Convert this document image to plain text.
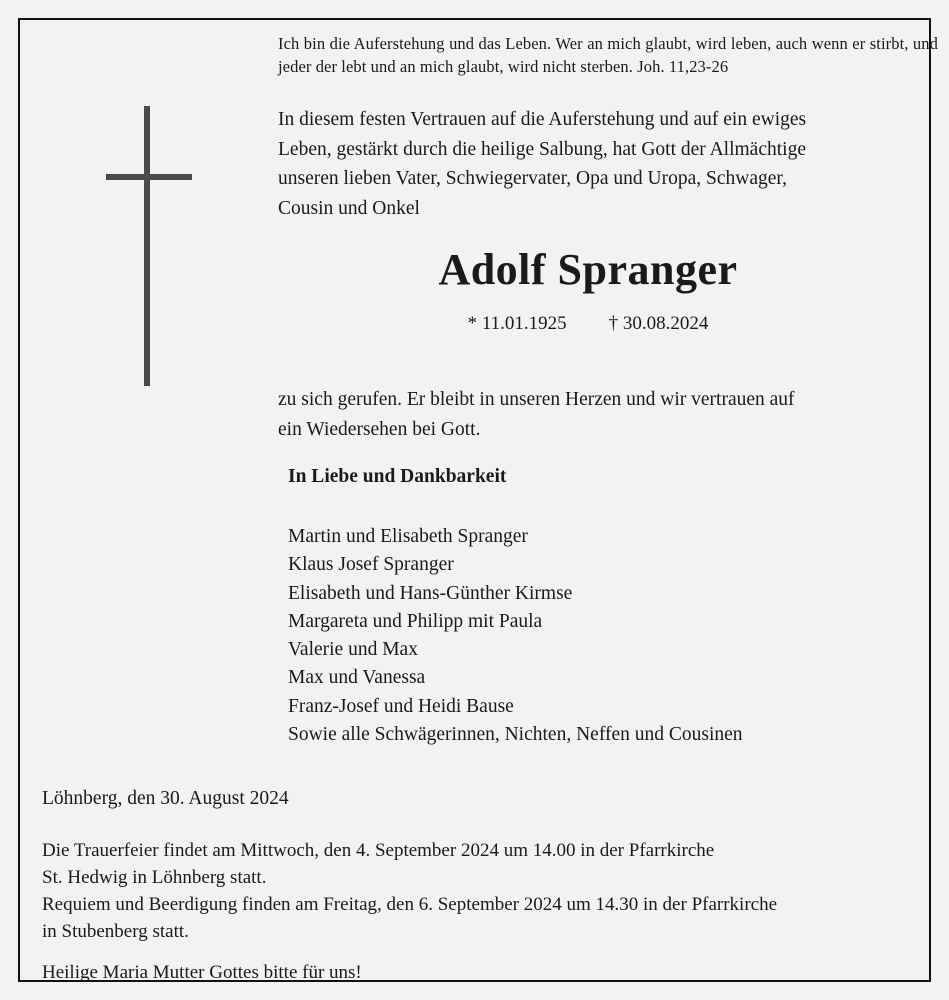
Ich bin die Auferstehung und das Leben. Wer an mich glaubt, wird leben, auch wenn er stirbt, und jeder der lebt und an mich glaubt, wird nicht sterben. Joh. 11,23-26
In diesem festen Vertrauen auf die Auferstehung und auf ein ewiges
Leben, gestärkt durch die heilige Salbung, hat Gott der Allmächtige
unseren lieben Vater, Schwiegervater, Opa und Uropa, Schwager,
Cousin und Onkel
Adolf Spranger
* 11.01.1925 † 30.08.2024
zu sich gerufen. Er bleibt in unseren Herzen und wir vertrauen auf
ein Wiedersehen bei Gott.
In Liebe und Dankbarkeit
Martin und Elisabeth Spranger
Klaus Josef Spranger
Elisabeth und Hans-Günther Kirmse
Margareta und Philipp mit Paula
Valerie und Max
Max und Vanessa
Franz-Josef und Heidi Bause
Sowie alle Schwägerinnen, Nichten, Neffen und Cousinen
Löhnberg, den 30. August 2024
Die Trauerfeier findet am Mittwoch, den 4. September 2024 um 14.00 in der Pfarrkirche
St. Hedwig in Löhnberg statt.
Requiem und Beerdigung finden am Freitag, den 6. September 2024 um 14.30 in der Pfarrkirche
in Stubenberg statt.
Heilige Maria Mutter Gottes bitte für uns!
